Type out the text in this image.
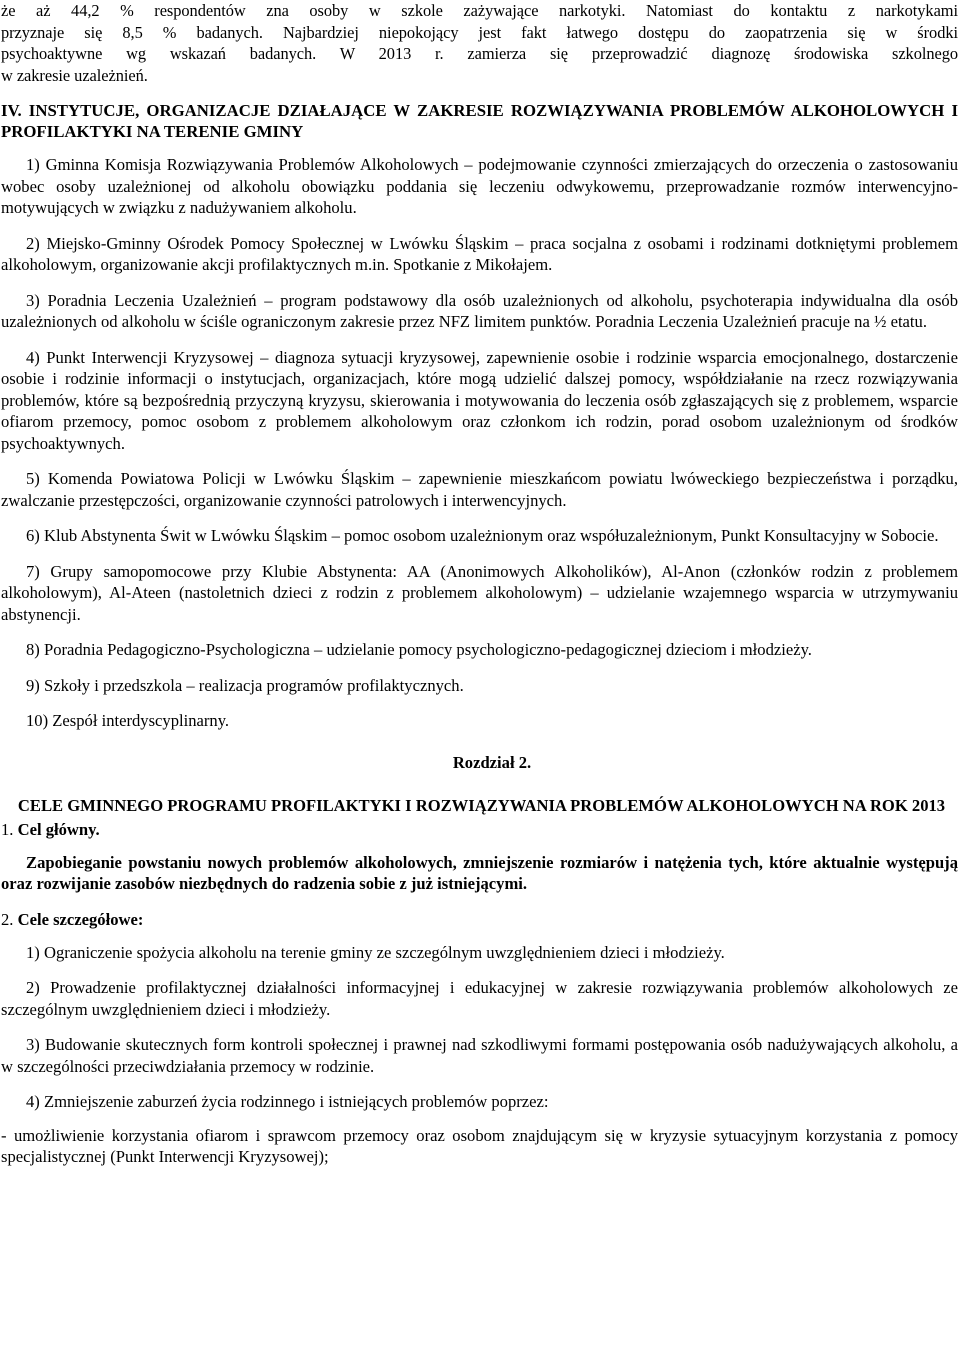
że aż 44,2 % respondentów zna osoby w szkole zażywające narkotyki. Natomiast do kontaktu z narkotykami
przyznaje się 8,5 % badanych. Najbardziej niepokojący jest fakt łatwego dostępu do zaopatrzenia się w środki
psychoaktywne wg wskazań badanych. W 2013 r. zamierza się przeprowadzić diagnozę środowiska szkolnego
w zakresie uzależnień.

IV. INSTYTUCJE, ORGANIZACJE DZIAŁAJĄCE W ZAKRESIE ROZWIĄZYWANIA PROBLEMÓW ALKOHOLOWYCH I PROFILAKTYKI NA TERENIE GMINY

1) Gminna Komisja Rozwiązywania Problemów Alkoholowych – podejmowanie czynności zmierzających do orzeczenia o zastosowaniu wobec osoby uzależnionej od alkoholu obowiązku poddania się leczeniu odwykowemu, przeprowadzanie rozmów interwencyjno-motywujących w związku z nadużywaniem alkoholu.

2) Miejsko-Gminny Ośrodek Pomocy Społecznej w Lwówku Śląskim – praca socjalna z osobami i rodzinami dotkniętymi problemem alkoholowym, organizowanie akcji profilaktycznych m.in. Spotkanie z Mikołajem.

3) Poradnia Leczenia Uzależnień – program podstawowy dla osób uzależnionych od alkoholu, psychoterapia indywidualna dla osób uzależnionych od alkoholu w ściśle ograniczonym zakresie przez NFZ limitem punktów. Poradnia Leczenia Uzależnień pracuje na ½ etatu.

4) Punkt Interwencji Kryzysowej – diagnoza sytuacji kryzysowej, zapewnienie osobie i rodzinie wsparcia emocjonalnego, dostarczenie osobie i rodzinie informacji o instytucjach, organizacjach, które mogą udzielić dalszej pomocy, współdziałanie na rzecz rozwiązywania problemów, które są bezpośrednią przyczyną kryzysu, skierowania i motywowania do leczenia osób zgłaszających się z problemem, wsparcie ofiarom przemocy, pomoc osobom z problemem alkoholowym oraz członkom ich rodzin, porad osobom uzależnionym od środków psychoaktywnych.

5) Komenda Powiatowa Policji w Lwówku Śląskim – zapewnienie mieszkańcom powiatu lwóweckiego bezpieczeństwa i porządku, zwalczanie przestępczości, organizowanie czynności patrolowych i interwencyjnych.

6) Klub Abstynenta Świt w Lwówku Śląskim – pomoc osobom uzależnionym oraz współuzależnionym, Punkt Konsultacyjny w Sobocie.

7) Grupy samopomocowe przy Klubie Abstynenta: AA (Anonimowych Alkoholików), Al-Anon (członków rodzin z problemem alkoholowym), Al-Ateen (nastoletnich dzieci z rodzin z problemem alkoholowym) – udzielanie wzajemnego wsparcia w utrzymywaniu abstynencji.

8) Poradnia Pedagogiczno-Psychologiczna – udzielanie pomocy psychologiczno-pedagogicznej dzieciom i młodzieży.

9) Szkoły i przedszkola – realizacja programów profilaktycznych.

10) Zespół interdyscyplinarny.

Rozdział 2.

CELE GMINNEGO PROGRAMU PROFILAKTYKI I ROZWIĄZYWANIA PROBLEMÓW ALKOHOLOWYCH NA ROK 2013

1. Cel główny.

Zapobieganie powstaniu nowych problemów alkoholowych, zmniejszenie rozmiarów i natężenia tych, które aktualnie występują oraz rozwijanie zasobów niezbędnych do radzenia sobie z już istniejącymi.

2. Cele szczegółowe:

1) Ograniczenie spożycia alkoholu na terenie gminy ze szczególnym uwzględnieniem dzieci i młodzieży.

2) Prowadzenie profilaktycznej działalności informacyjnej i edukacyjnej w zakresie rozwiązywania problemów alkoholowych ze szczególnym uwzględnieniem dzieci i młodzieży.

3) Budowanie skutecznych form kontroli społecznej i prawnej nad szkodliwymi formami postępowania osób nadużywających alkoholu, a w szczególności przeciwdziałania przemocy w rodzinie.

4) Zmniejszenie zaburzeń życia rodzinnego i istniejących problemów poprzez:

- umożliwienie korzystania ofiarom i sprawcom przemocy oraz osobom znajdującym się w kryzysie sytuacyjnym korzystania z pomocy specjalistycznej (Punkt Interwencji Kryzysowej);
